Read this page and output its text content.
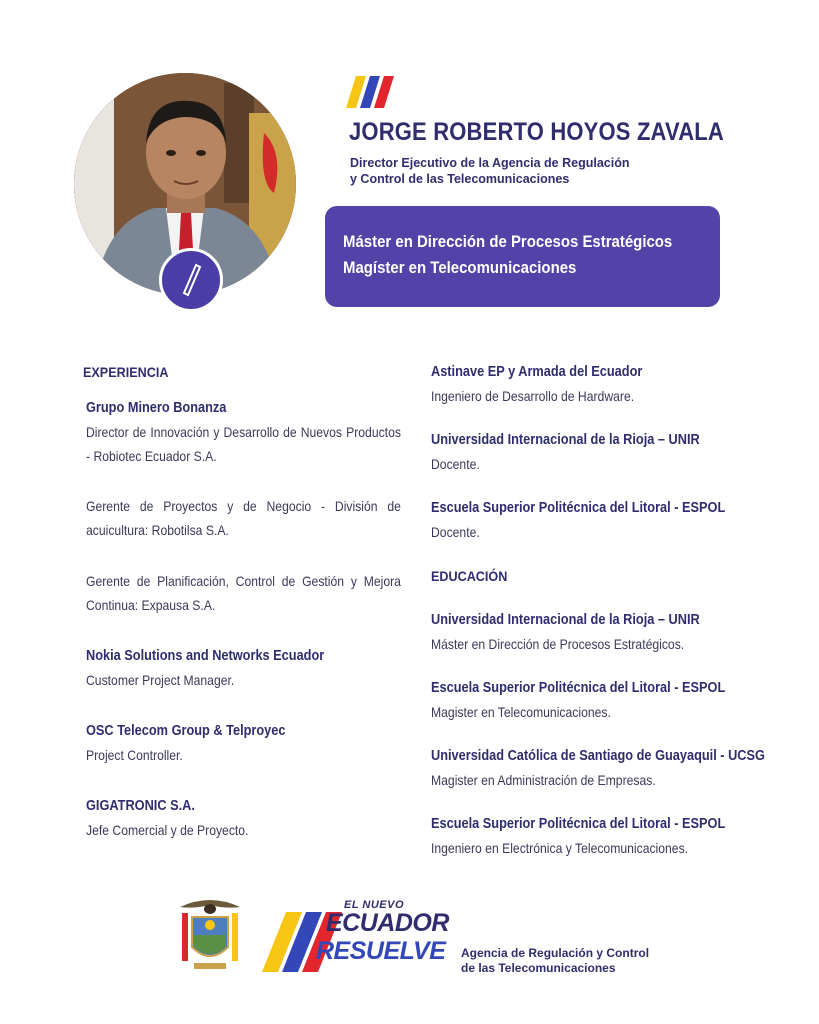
JORGE ROBERTO HOYOS ZAVALA
Director Ejecutivo de la Agencia de Regulación
y Control de las Telecomunicaciones
Máster en Dirección de Procesos Estratégicos
Magíster en Telecomunicaciones
EXPERIENCIA
Grupo Minero Bonanza
Director de Innovación y Desarrollo de Nuevos Productos - Robiotec Ecuador S.A.
Gerente de Proyectos y de Negocio - División de acuicultura: Robotilsa S.A.
Gerente de Planificación, Control de Gestión y Mejora Continua: Expausa S.A.
Nokia Solutions and Networks Ecuador
Customer Project Manager.
OSC Telecom Group & Telproyec
Project Controller.
GIGATRONIC S.A.
Jefe Comercial y de Proyecto.
Astinave EP y Armada del Ecuador
Ingeniero de Desarrollo de Hardware.
Universidad Internacional de la Rioja – UNIR
Docente.
Escuela Superior Politécnica del Litoral - ESPOL
Docente.
EDUCACIÓN
Universidad Internacional de la Rioja – UNIR
Máster en Dirección de Procesos Estratégicos.
Escuela Superior Politécnica del Litoral - ESPOL
Magister en Telecomunicaciones.
Universidad Católica de Santiago de Guayaquil - UCSG
Magister en Administración de Empresas.
Escuela Superior Politécnica del Litoral - ESPOL
Ingeniero en Electrónica y Telecomunicaciones.
EL NUEVO
ECUADOR
RESUELVE Agencia de Regulación y Control
de las Telecomunicaciones
